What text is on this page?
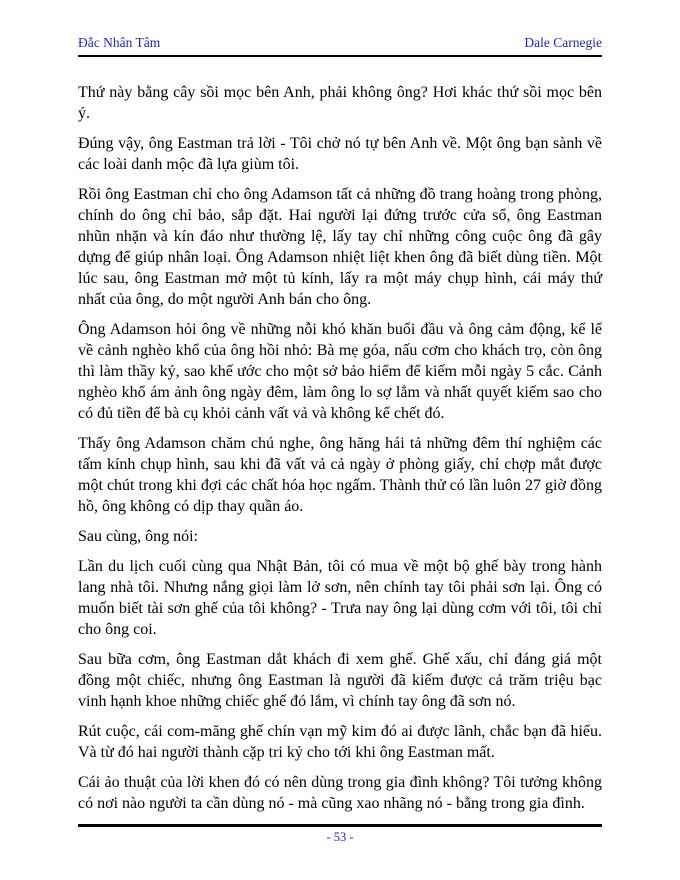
Đắc Nhân Tâm	Dale Carnegie

Thứ này bằng cây sồi mọc bên Anh, phải không ông? Hơi khác thứ sồi mọc bên ý.

Đúng vậy, ông Eastman trả lời - Tôi chở nó tự bên Anh về. Một ông bạn sành về các loài danh mộc đã lựa giùm tôi.

Rồi ông Eastman chỉ cho ông Adamson tất cả những đồ trang hoàng trong phòng, chính do ông chỉ bảo, sắp đặt. Hai người lại đứng trước cửa sổ, ông Eastman nhũn nhặn và kín đáo như thường lệ, lấy tay chỉ những công cuộc ông đã gây dựng để giúp nhân loại. Ông Adamson nhiệt liệt khen ông đã biết dùng tiền. Một lúc sau, ông Eastman mở một tủ kính, lấy ra một máy chụp hình, cái máy thứ nhất của ông, do một người Anh bán cho ông.

Ông Adamson hỏi ông về những nỗi khó khăn buổi đầu và ông cảm động, kể lể về cảnh nghèo khổ của ông hồi nhỏ: Bà mẹ góa, nấu cơm cho khách trọ, còn ông thì làm thầy ký, sao khế ước cho một sở bảo hiểm để kiếm mỗi ngày 5 cắc. Cảnh nghèo khổ ám ảnh ông ngày đêm, làm ông lo sợ lắm và nhất quyết kiếm sao cho có đủ tiền để bà cụ khỏi cảnh vất vả và không kể chết đó.

Thấy ông Adamson chăm chú nghe, ông hăng hái tả những đêm thí nghiệm các tấm kính chụp hình, sau khi đã vất vả cả ngày ở phòng giấy, chỉ chợp mắt được một chút trong khi đợi các chất hóa học ngấm. Thành thử có lần luôn 27 giờ đồng hồ, ông không có dịp thay quần áo.

Sau cùng, ông nói:

Lần du lịch cuối cùng qua Nhật Bản, tôi có mua về một bộ ghế bày trong hành lang nhà tôi. Nhưng nắng giọi làm lở sơn, nên chính tay tôi phải sơn lại. Ông có muốn biết tài sơn ghế của tôi không? - Trưa nay ông lại dùng cơm với tôi, tôi chỉ cho ông coi.

Sau bữa cơm, ông Eastman dắt khách đi xem ghế. Ghế xấu, chỉ đáng giá một đồng một chiếc, nhưng ông Eastman là người đã kiếm được cả trăm triệu bạc vinh hạnh khoe những chiếc ghế đó lắm, vì chính tay ông đã sơn nó.

Rút cuộc, cái com-măng ghế chín vạn mỹ kim đó ai được lãnh, chắc bạn đã hiểu. Và từ đó hai người thành cặp tri kỷ cho tới khi ông Eastman mất.

Cái ảo thuật của lời khen đó có nên dùng trong gia đình không? Tôi tưởng không có nơi nào người ta cần dùng nó - mà cũng xao nhãng nó - bằng trong gia đình.

- 53 -
